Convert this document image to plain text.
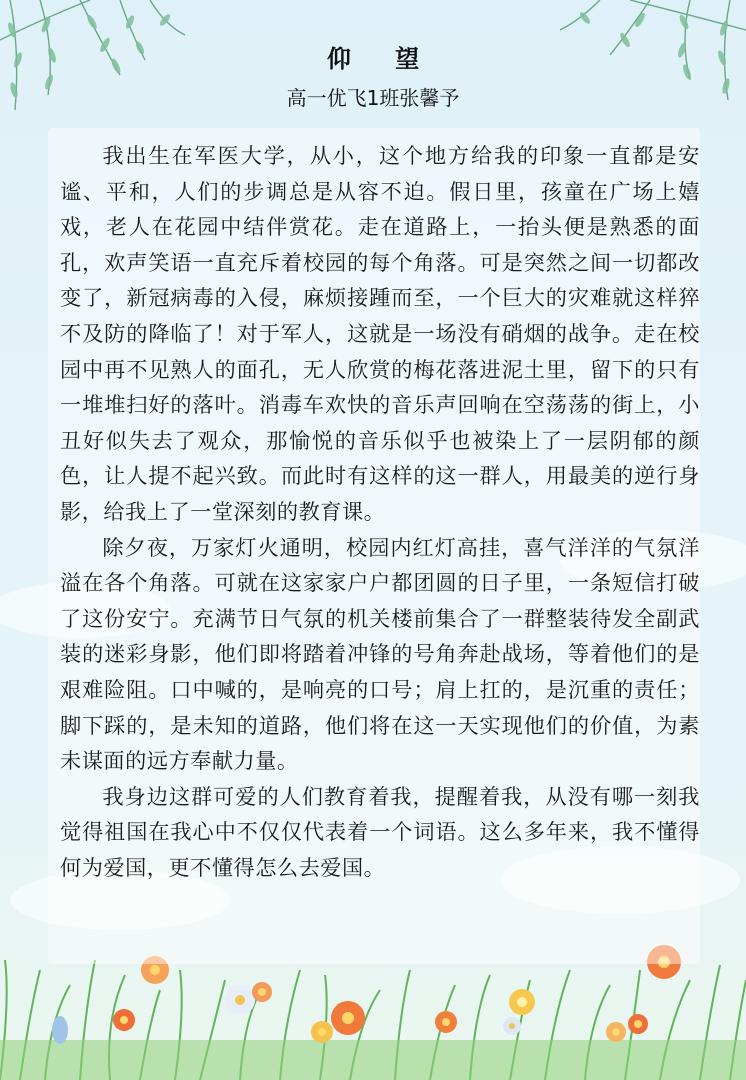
仰 望
高一优飞1班张馨予

我出生在军医大学，从小，这个地方给我的印象一直都是安谧、平和，人们的步调总是从容不迫。假日里，孩童在广场上嬉戏，老人在花园中结伴赏花。走在道路上，一抬头便是熟悉的面孔，欢声笑语一直充斥着校园的每个角落。可是突然之间一切都改变了，新冠病毒的入侵，麻烦接踵而至，一个巨大的灾难就这样猝不及防的降临了！对于军人，这就是一场没有硝烟的战争。走在校园中再不见熟人的面孔，无人欣赏的梅花落进泥土里，留下的只有一堆堆扫好的落叶。消毒车欢快的音乐声回响在空荡荡的街上，小丑好似失去了观众，那愉悦的音乐似乎也被染上了一层阴郁的颜色，让人提不起兴致。而此时有这样的这一群人，用最美的逆行身影，给我上了一堂深刻的教育课。

除夕夜，万家灯火通明，校园内红灯高挂，喜气洋洋的气氛洋溢在各个角落。可就在这家家户户都团圆的日子里，一条短信打破了这份安宁。充满节日气氛的机关楼前集合了一群整装待发全副武装的迷彩身影，他们即将踏着冲锋的号角奔赴战场，等着他们的是艰难险阻。口中喊的，是响亮的口号；肩上扛的，是沉重的责任；脚下踩的，是未知的道路，他们将在这一天实现他们的价值，为素未谋面的远方奉献力量。

我身边这群可爱的人们教育着我，提醒着我，从没有哪一刻我觉得祖国在我心中不仅仅代表着一个词语。这么多年来，我不懂得何为爱国，更不懂得怎么去爱国。
